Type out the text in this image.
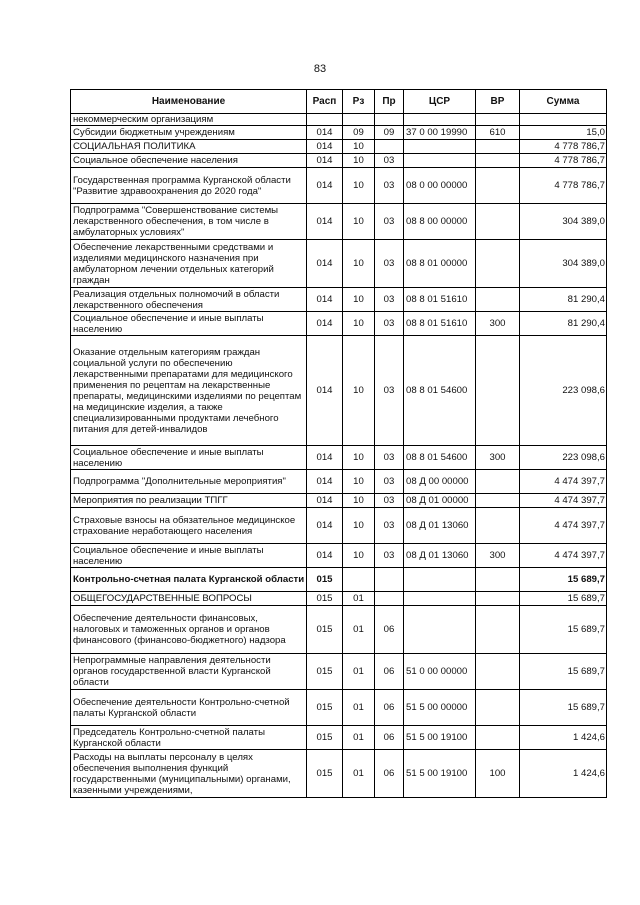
83
Наименование	Расп	Рз	Пр	ЦСР	ВР	Сумма
некоммерческим организациям						
Субсидии бюджетным учреждениям	014	09	09	37 0 00 19990	610	15,0
СОЦИАЛЬНАЯ ПОЛИТИКА	014	10				4 778 786,7
Социальное обеспечение населения	014	10	03			4 778 786,7
Государственная программа Курганской области "Развитие здравоохранения до 2020 года"	014	10	03	08 0 00 00000		4 778 786,7
Подпрограмма "Совершенствование системы лекарственного обеспечения, в том числе в амбулаторных условиях"	014	10	03	08 8 00 00000		304 389,0
Обеспечение лекарственными средствами и изделиями медицинского назначения при амбулаторном лечении отдельных категорий граждан	014	10	03	08 8 01 00000		304 389,0
Реализация отдельных полномочий в области лекарственного обеспечения	014	10	03	08 8 01 51610		81 290,4
Социальное обеспечение и иные выплаты населению	014	10	03	08 8 01 51610	300	81 290,4
Оказание отдельным категориям граждан социальной услуги по обеспечению лекарственными препаратами для медицинского применения по рецептам на лекарственные препараты, медицинскими изделиями по рецептам на медицинские изделия, а также специализированными продуктами лечебного питания для детей-инвалидов	014	10	03	08 8 01 54600		223 098,6
Социальное обеспечение и иные выплаты населению	014	10	03	08 8 01 54600	300	223 098,6
Подпрограмма "Дополнительные мероприятия"	014	10	03	08 Д 00 00000		4 474 397,7
Мероприятия по реализации ТПГГ	014	10	03	08 Д 01 00000		4 474 397,7
Страховые взносы на обязательное медицинское страхование неработающего населения	014	10	03	08 Д 01 13060		4 474 397,7
Социальное обеспечение и иные выплаты населению	014	10	03	08 Д 01 13060	300	4 474 397,7
Контрольно-счетная палата Курганской области	015					15 689,7
ОБЩЕГОСУДАРСТВЕННЫЕ ВОПРОСЫ	015	01				15 689,7
Обеспечение деятельности финансовых, налоговых и таможенных органов и органов финансового (финансово-бюджетного) надзора	015	01	06			15 689,7
Непрограммные направления деятельности органов государственной власти Курганской области	015	01	06	51 0 00 00000		15 689,7
Обеспечение деятельности Контрольно-счетной палаты Курганской области	015	01	06	51 5 00 00000		15 689,7
Председатель Контрольно-счетной палаты Курганской области	015	01	06	51 5 00 19100		1 424,6
Расходы на выплаты персоналу в целях обеспечения выполнения функций государственными (муниципальными) органами, казенными учреждениями,	015	01	06	51 5 00 19100	100	1 424,6
